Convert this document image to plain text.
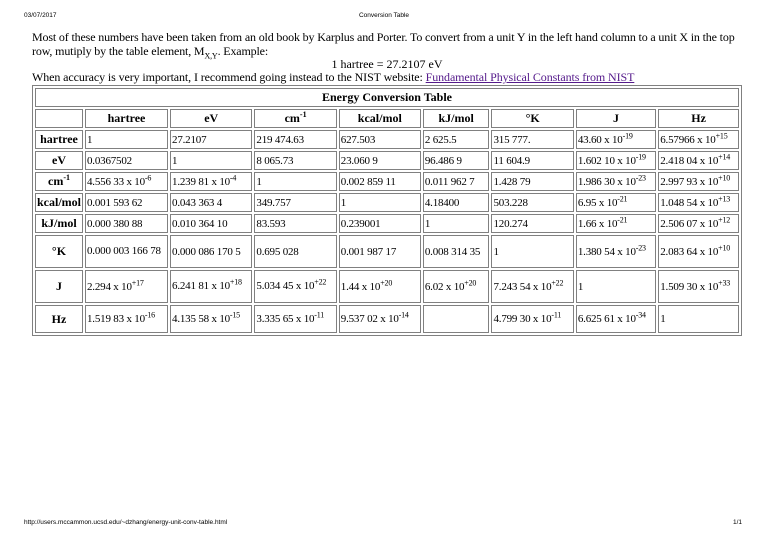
03/07/2017	Conversion Table

Most of these numbers have been taken from an old book by Karplus and Porter. To convert from a unit Y in the left hand column to a unit X in the top row, mutiply by the table element, $M_{X,Y}$. Example:

1 hartree = 27.2107 eV

When accuracy is very important, I recommend going instead to the NIST website: Fundamental Physical Constants from NIST

Energy Conversion Table								
	hartree	eV	$cm^{-1}$	kcal/mol	kJ/mol	°K	J	Hz
hartree	1	27.2107	219 474.63	627.503	2 625.5	315 777.	43.60 x $10^{-19}$	6.57966 x $10^{+15}$
eV	0.0367502	1	8 065.73	23.060 9	96.486 9	11 604.9	1.602 10 x $10^{-19}$	2.418 04 x $10^{+14}$
$cm^{-1}$	4.556 33 x $10^{-6}$	1.239 81 x $10^{-4}$	1	0.002 859 11	0.011 962 7	1.428 79	1.986 30 x $10^{-23}$	2.997 93 x $10^{+10}$
kcal/mol	0.001 593 62	0.043 363 4	349.757	1	4.18400	503.228	6.95 x $10^{-21}$	1.048 54 x $10^{+13}$
kJ/mol	0.000 380 88	0.010 364 10	83.593	0.239001	1	120.274	1.66 x $10^{-21}$	2.506 07 x $10^{+12}$
°K	0.000 003 166 78	0.000 086 170 5	0.695 028	0.001 987 17	0.008 314 35	1	1.380 54 x $10^{-23}$	2.083 64 x $10^{+10}$
J	2.294 x $10^{+17}$	6.241 81 x $10^{+18}$	5.034 45 x $10^{+22}$	1.44 x $10^{+20}$	6.02 x $10^{+20}$	7.243 54 x $10^{+22}$	1	1.509 30 x $10^{+33}$
Hz	1.519 83 x $10^{-16}$	4.135 58 x $10^{-15}$	3.335 65 x $10^{-11}$	9.537 02 x $10^{-14}$		4.799 30 x $10^{-11}$	6.625 61 x $10^{-34}$	1
http://users.mccammon.ucsd.edu/~dzhang/energy-unit-conv-table.html	1/1
